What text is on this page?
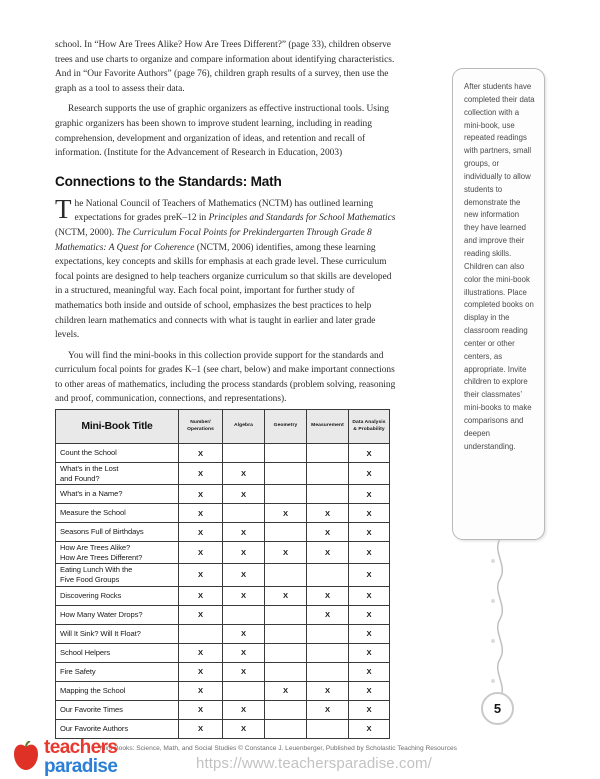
school. In “How Are Trees Alike? How Are Trees Different?” (page 33), children observe trees and use charts to organize and compare information about identifying characteristics. And in “Our Favorite Authors” (page 76), children graph results of a survey, then use the graph as a tool to assess their data.

Research supports the use of graphic organizers as effective instructional tools. Using graphic organizers has been shown to improve student learning, including in reading comprehension, development and organization of ideas, and retention and recall of information. (Institute for the Advancement of Research in Education, 2003)

Connections to the Standards: Math
The National Council of Teachers of Mathematics (NCTM) has outlined learning expectations for grades preK–12 in Principles and Standards for School Mathematics (NCTM, 2000). The Curriculum Focal Points for Prekindergarten Through Grade 8 Mathematics: A Quest for Coherence (NCTM, 2006) identifies, among these learning expectations, key concepts and skills for emphasis at each grade level. These curriculum focal points are designed to help teachers organize curriculum so that skills are developed in a structured, meaningful way. Each focal point, important for further study of mathematics both inside and outside of school, emphasizes the best practices to help children learn mathematics and connects with what is taught in earlier and later grade levels.

You will find the mini-books in this collection provide support for the standards and curriculum focal points for grades K–1 (see chart, below) and make important connections to other areas of mathematics, including the process standards (problem solving, reasoning and proof, communication, connections, and representations).

Mini-Book Title	Number/
Operations	Algebra	Geometry	Measurement	Data Analysis
& Probability
Count the School	X				X
What’s in the Lost
and Found?	X	X			X
What’s in a Name?	X	X			X
Measure the School	X		X	X	X
Seasons Full of Birthdays	X	X		X	X
How Are Trees Alike?
How Are Trees Different?	X	X	X	X	X
Eating Lunch With the
Five Food Groups	X	X			X
Discovering Rocks	X	X	X	X	X
How Many Water Drops?	X			X	X
Will It Sink? Will It Float?		X			X
School Helpers	X	X			X
Fire Safety	X	X			X
Mapping the School	X		X	X	X
Our Favorite Times	X	X		X	X
Our Favorite Authors	X	X			X

After students have completed their data collection with a mini-book, use repeated readings with partners, small groups, or individually to allow students to demonstrate the new information they have learned and improve their reading skills. Children can also color the mini-book illustrations. Place completed books on display in the classroom reading center or other centers, as appropriate. Invite children to explore their classmates’ mini-books to make comparisons and deepen understanding.

5
Mini-Books: Science, Math, and Social Studies © Constance J. Leuenberger, Published by Scholastic Teaching Resources
teachers
paradise	https://www.teachersparadise.com/
